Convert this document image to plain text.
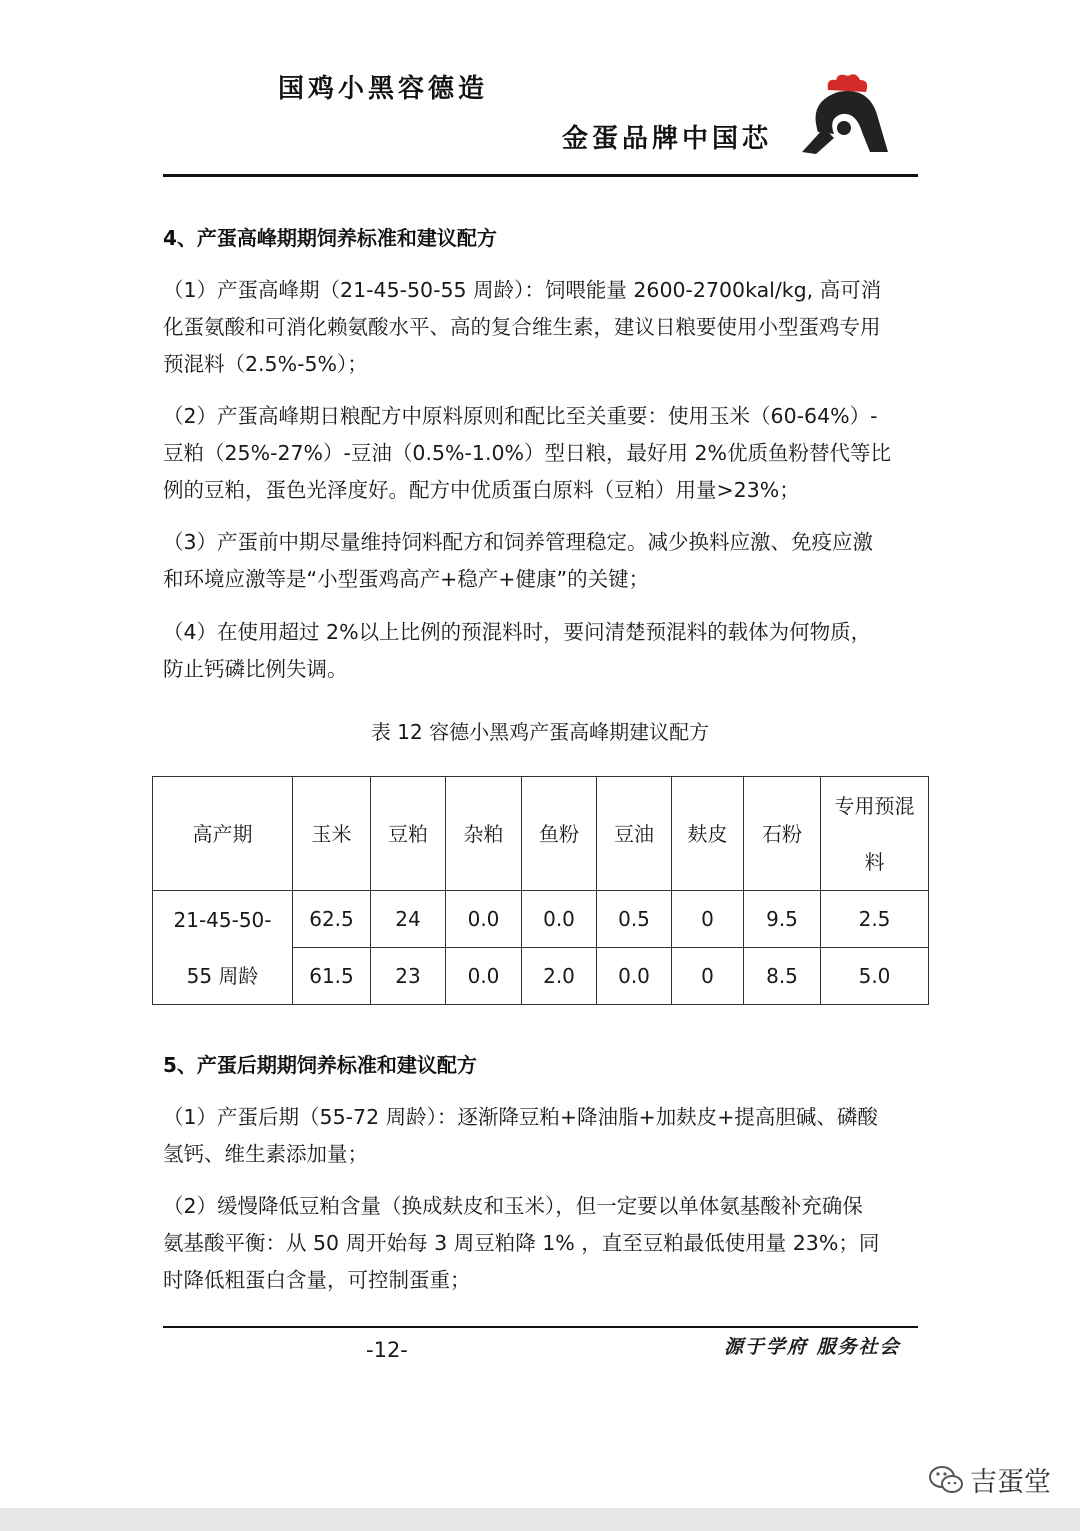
国鸡小黑容德造
金蛋品牌中国芯
4、产蛋高峰期期饲养标准和建议配方

（1）产蛋高峰期（21-45-50-55 周龄）：饲喂能量 2600-2700kal/kg, 高可消
化蛋氨酸和可消化赖氨酸水平、高的复合维生素，建议日粮要使用小型蛋鸡专用
预混料（2.5%-5%）；

（2）产蛋高峰期日粮配方中原料原则和配比至关重要：使用玉米（60-64%）-
豆粕（25%-27%）-豆油（0.5%-1.0%）型日粮，最好用 2%优质鱼粉替代等比
例的豆粕，蛋色光泽度好。配方中优质蛋白原料（豆粕）用量>23%；

（3）产蛋前中期尽量维持饲料配方和饲养管理稳定。减少换料应激、免疫应激
和环境应激等是“小型蛋鸡高产+稳产+健康”的关键；

（4）在使用超过 2%以上比例的预混料时，要问清楚预混料的载体为何物质，
防止钙磷比例失调。

表 12 容德小黑鸡产蛋高峰期建议配方
高产期	玉米	豆粕	杂粕	鱼粉	豆油	麸皮	石粉	专用预混料
21-45-50-55 周龄	62.5	24	0.0	0.0	0.5	0	9.5	2.5
	61.5	23	0.0	2.0	0.0	0	8.5	5.0
5、产蛋后期期饲养标准和建议配方

（1）产蛋后期（55-72 周龄）：逐渐降豆粕+降油脂+加麸皮+提高胆碱、磷酸
氢钙、维生素添加量；

（2）缓慢降低豆粕含量（换成麸皮和玉米），但一定要以单体氨基酸补充确保
氨基酸平衡：从 50 周开始每 3 周豆粕降 1% ，直至豆粕最低使用量 23%；同
时降低粗蛋白含量，可控制蛋重；

-12-	源于学府 服务社会
吉蛋堂
